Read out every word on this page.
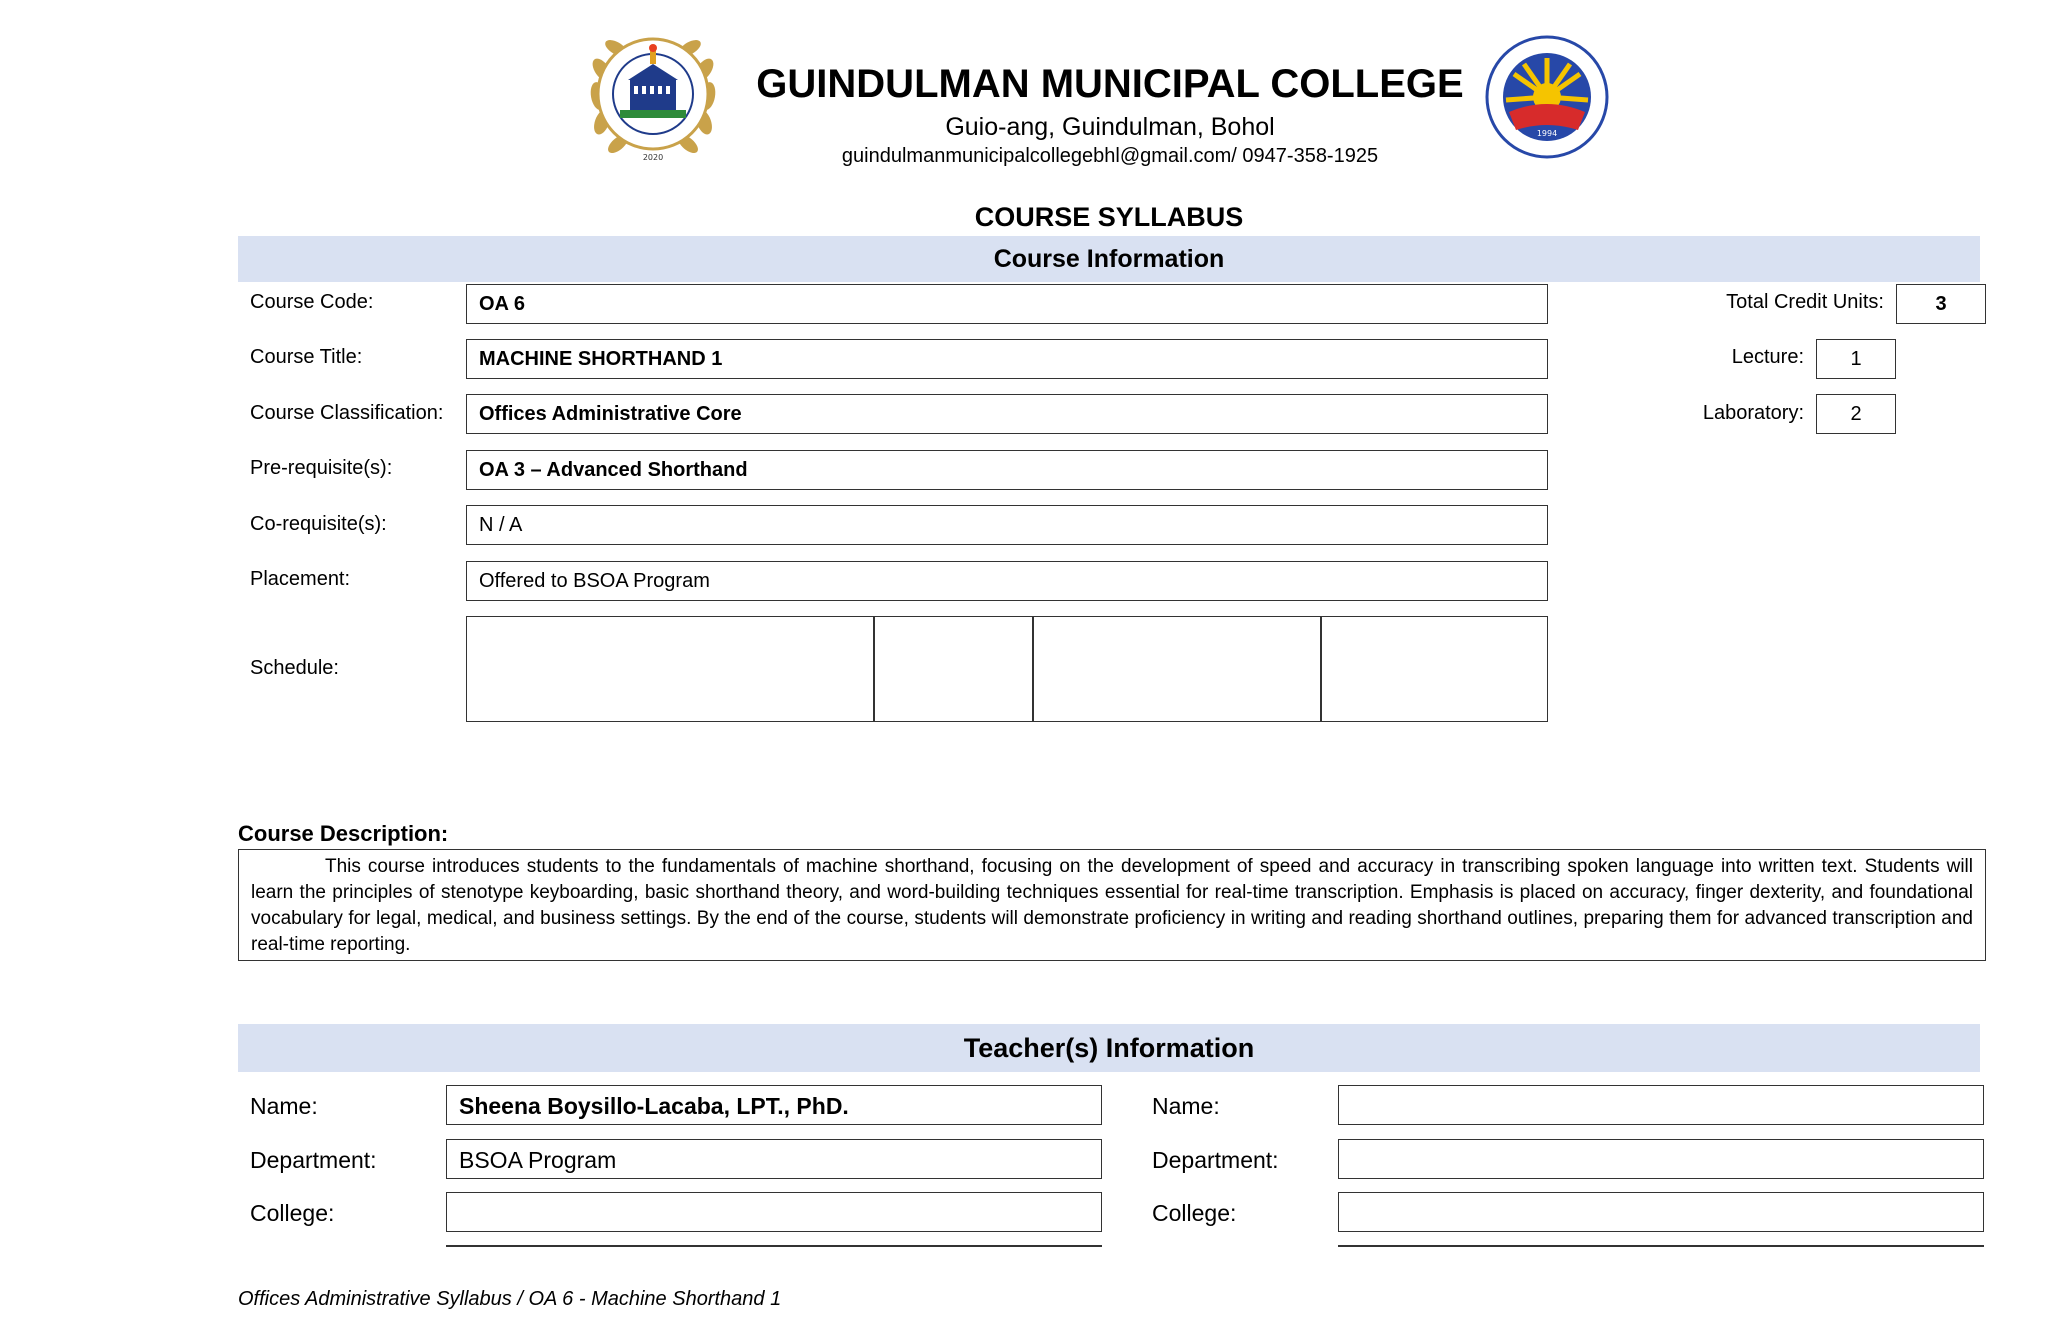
2020
GUINDULMAN MUNICIPAL COLLEGE
Guio-ang, Guindulman, Bohol
guindulmanmunicipalcollegebhl@gmail.com/ 0947-358-1925
1994
COURSE SYLLABUS
Course Information
Course Code:	OA 6
Course Title:	MACHINE SHORTHAND 1
Course Classification: Offices Administrative Core
Pre-requisite(s):	OA 3 – Advanced Shorthand
Co-requisite(s):	N / A
Placement:	Offered to BSOA Program
Schedule:
Total Credit Units:	3
Lecture:	1
Laboratory:	2
Course Description:
This course introduces students to the fundamentals of machine shorthand, focusing on the development of speed and accuracy in transcribing spoken language into written text. Students will learn the principles of stenotype keyboarding, basic shorthand theory, and word-building techniques essential for real-time transcription. Emphasis is placed on accuracy, finger dexterity, and foundational vocabulary for legal, medical, and business settings. By the end of the course, students will demonstrate proficiency in writing and reading shorthand outlines, preparing them for advanced transcription and real-time reporting.
Teacher(s) Information
Name:	Sheena Boysillo-Lacaba, LPT., PhD.
Department:	BSOA Program
College:
Name:
Department:
College:
Offices Administrative Syllabus / OA 6 - Machine Shorthand 1
